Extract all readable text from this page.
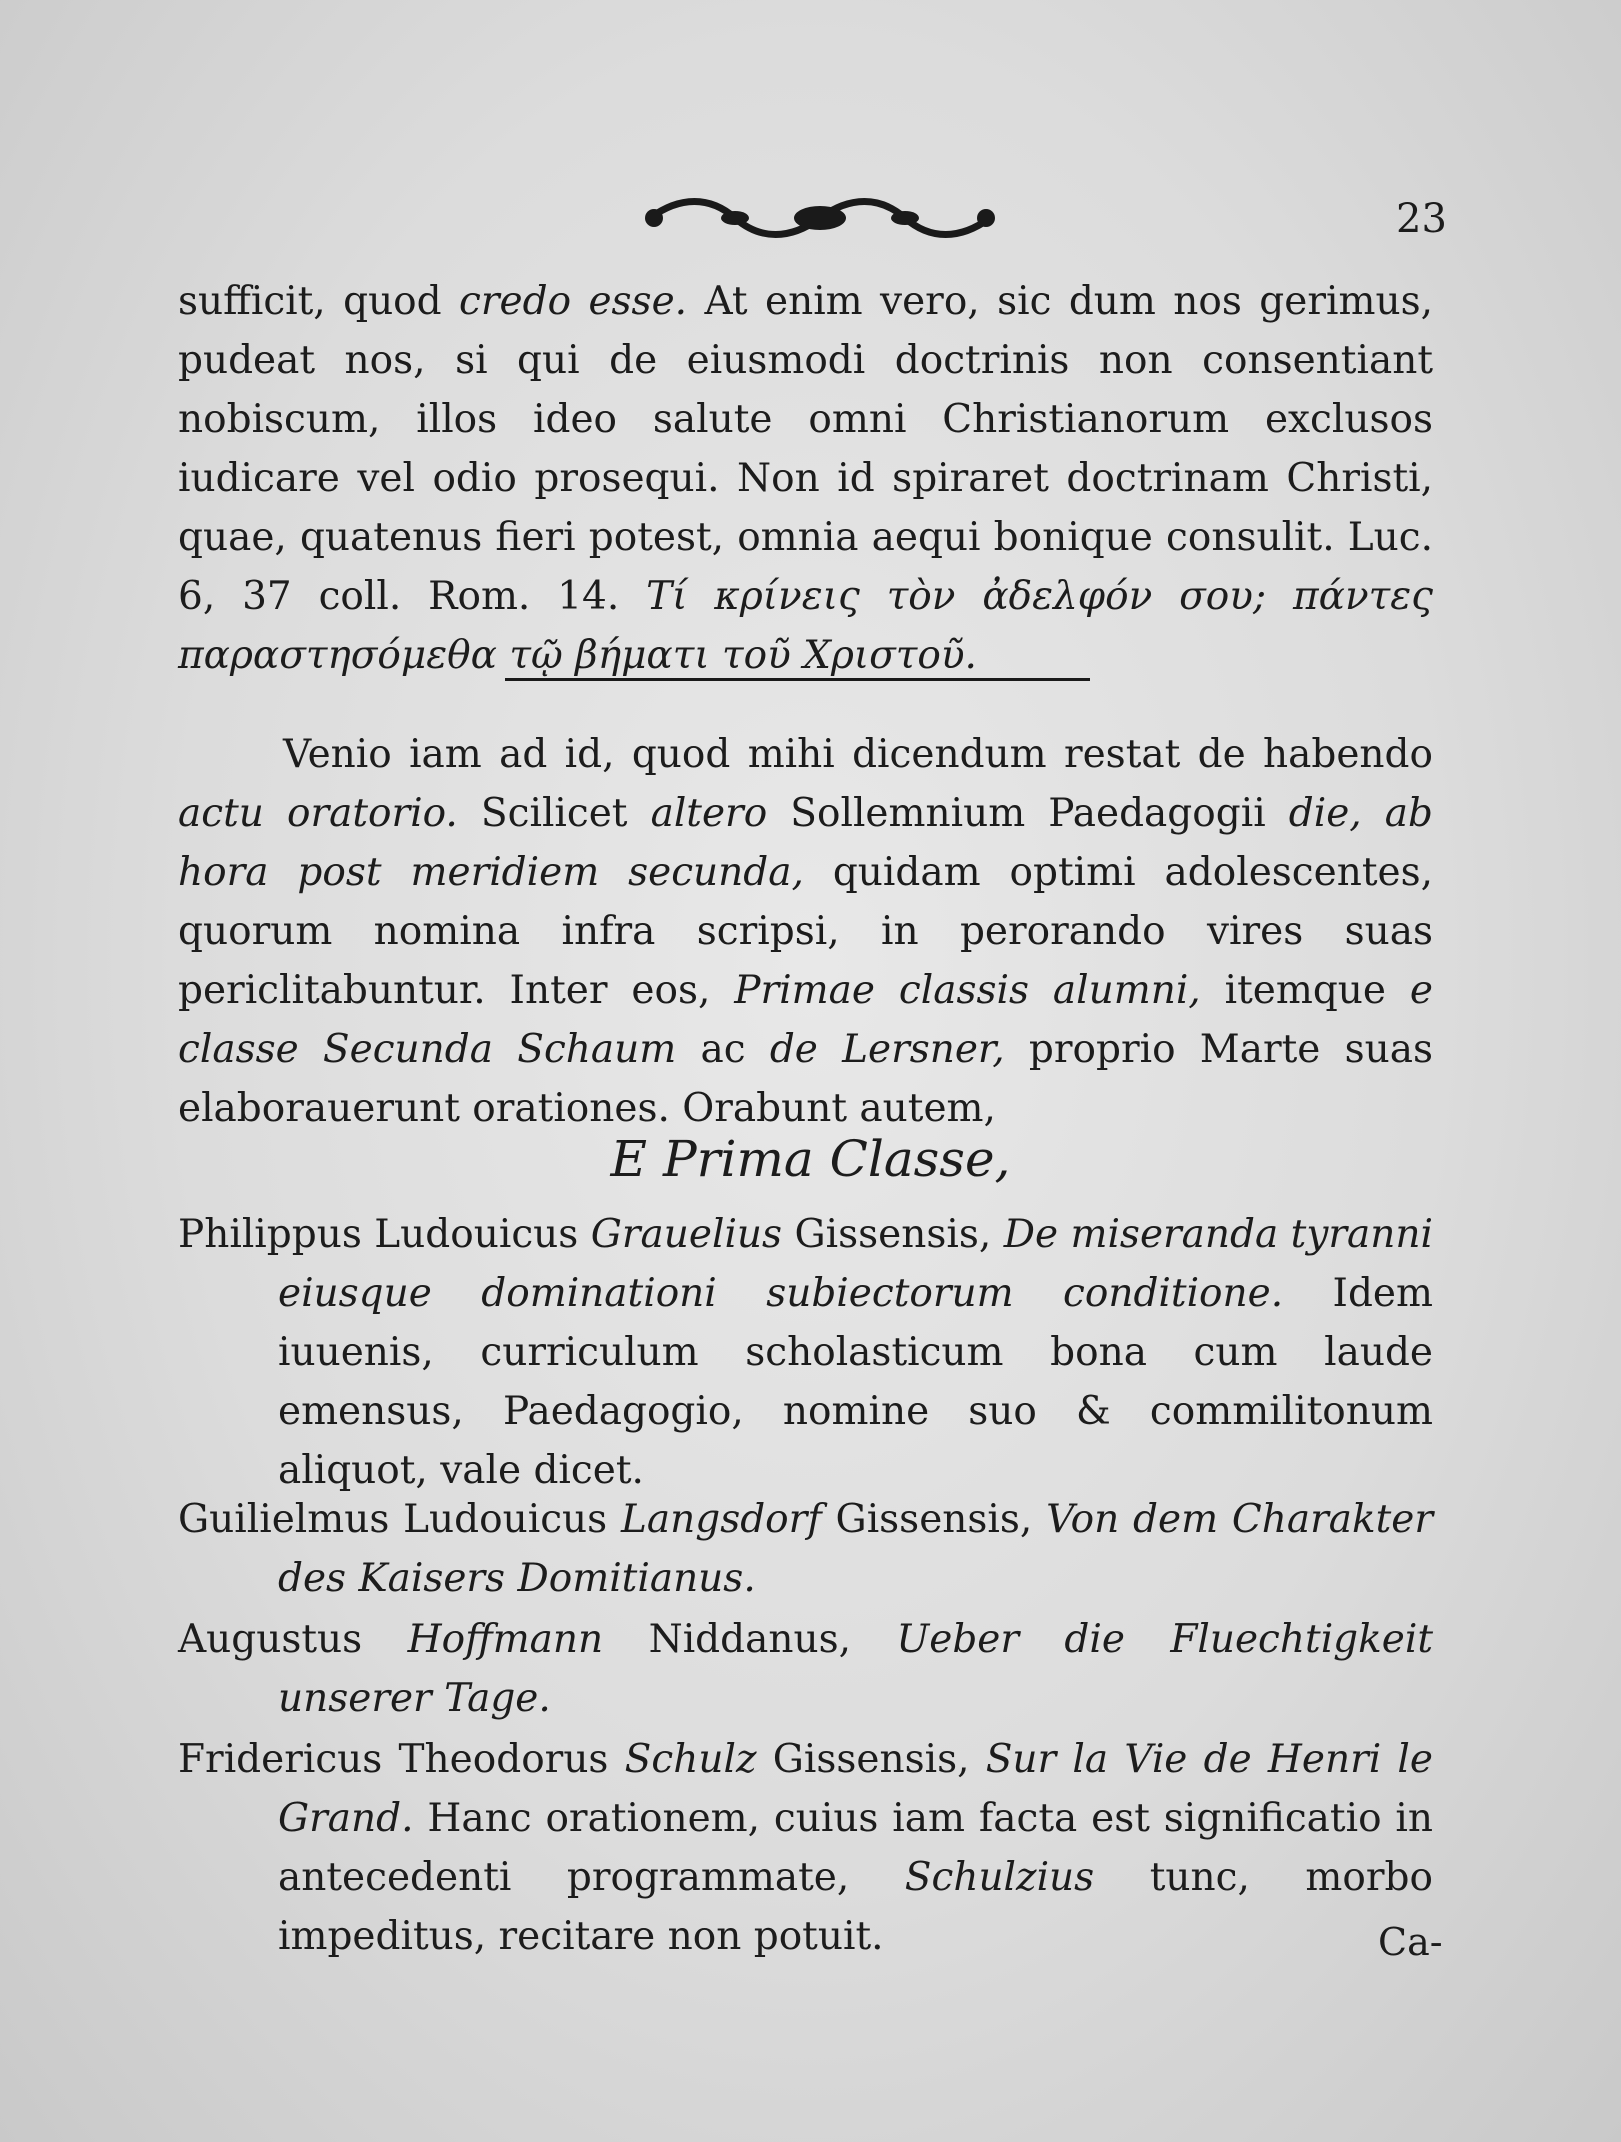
23

sufficit, quod credo esse. At enim vero, sic dum nos gerimus, pudeat nos, si qui de eiusmodi doctrinis non consentiant nobiscum, illos ideo salute omni Christianorum exclusos iudicare vel odio prosequi. Non id spiraret doctrinam Christi, quae, quatenus fieri potest, omnia aequi bonique consulit. Luc. 6, 37 coll. Rom. 14. Τί κρίνεις τὸν ἀδελφόν σου; πάντες παραστησόμεθα τῷ βήματι τοῦ Χριστοῦ.

Venio iam ad id, quod mihi dicendum restat de habendo actu oratorio. Scilicet altero Sollemnium Paedagogii die, ab hora post meridiem secunda, quidam optimi adolescentes, quorum nomina infra scripsi, in perorando vires suas periclitabuntur. Inter eos, Primae classis alumni, itemque e classe Secunda Schaum ac de Lersner, proprio Marte suas elaborauerunt orationes. Orabunt autem,

E Prima Classe,
Philippus Ludouicus Grauelius Gissensis, De miseranda tyranni eiusque dominationi subiectorum conditione. Idem iuuenis, curriculum scholasticum bona cum laude emensus, Paedagogio, nomine suo & commilitonum aliquot, vale dicet.
Guilielmus Ludouicus Langsdorf Gissensis, Von dem Charakter des Kaisers Domitianus.
Augustus Hoffmann Niddanus, Ueber die Fluechtigkeit unserer Tage.
Fridericus Theodorus Schulz Gissensis, Sur la Vie de Henri le Grand. Hanc orationem, cuius iam facta est significatio in antecedenti programmate, Schulzius tunc, morbo impeditus, recitare non potuit.	Ca-
